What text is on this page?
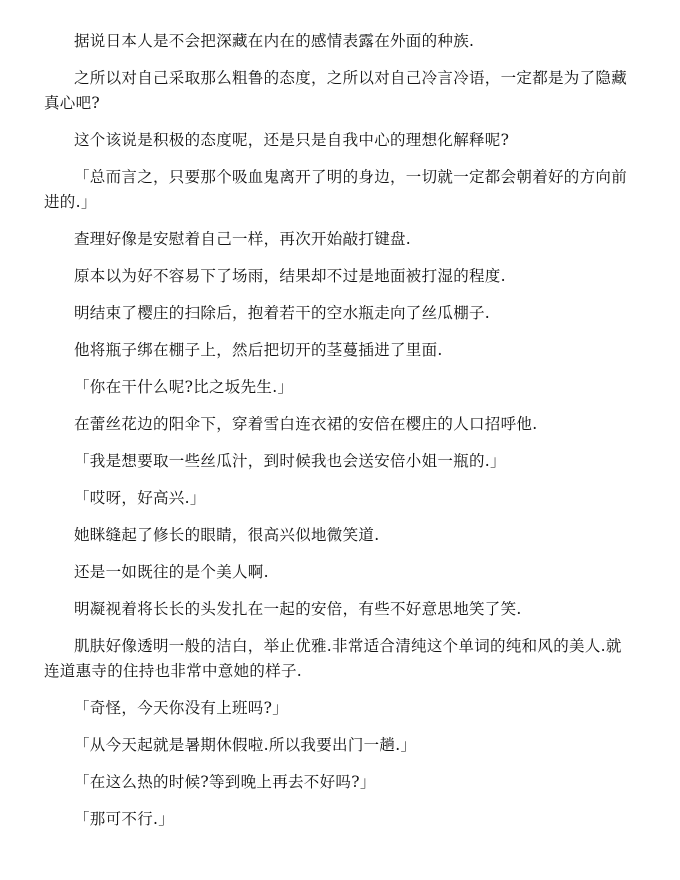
据说日本人是不会把深藏在内在的感情表露在外面的种族.

之所以对自己采取那么粗鲁的态度，之所以对自己冷言冷语，一定都是为了隐藏真心吧?

这个该说是积极的态度呢，还是只是自我中心的理想化解释呢?

「总而言之，只要那个吸血鬼离开了明的身边，一切就一定都会朝着好的方向前进的.」

查理好像是安慰着自己一样，再次开始敲打键盘.

原本以为好不容易下了场雨，结果却不过是地面被打湿的程度.

明结束了樱庄的扫除后，抱着若干的空水瓶走向了丝瓜棚子.

他将瓶子绑在棚子上，然后把切开的茎蔓插进了里面.

「你在干什么呢?比之坂先生.」

在蕾丝花边的阳伞下，穿着雪白连衣裙的安倍在樱庄的人口招呼他.

「我是想要取一些丝瓜汁，到时候我也会送安倍小姐一瓶的.」

「哎呀，好高兴.」

她眯缝起了修长的眼睛，很高兴似地微笑道.

还是一如既往的是个美人啊.

明凝视着将长长的头发扎在一起的安倍，有些不好意思地笑了笑.

肌肤好像透明一般的洁白，举止优雅.非常适合清纯这个单词的纯和风的美人.就连道惠寺的住持也非常中意她的样子.

「奇怪，今天你没有上班吗?」

「从今天起就是暑期休假啦.所以我要出门一趟.」

「在这么热的时候?等到晚上再去不好吗?」

「那可不行.」
